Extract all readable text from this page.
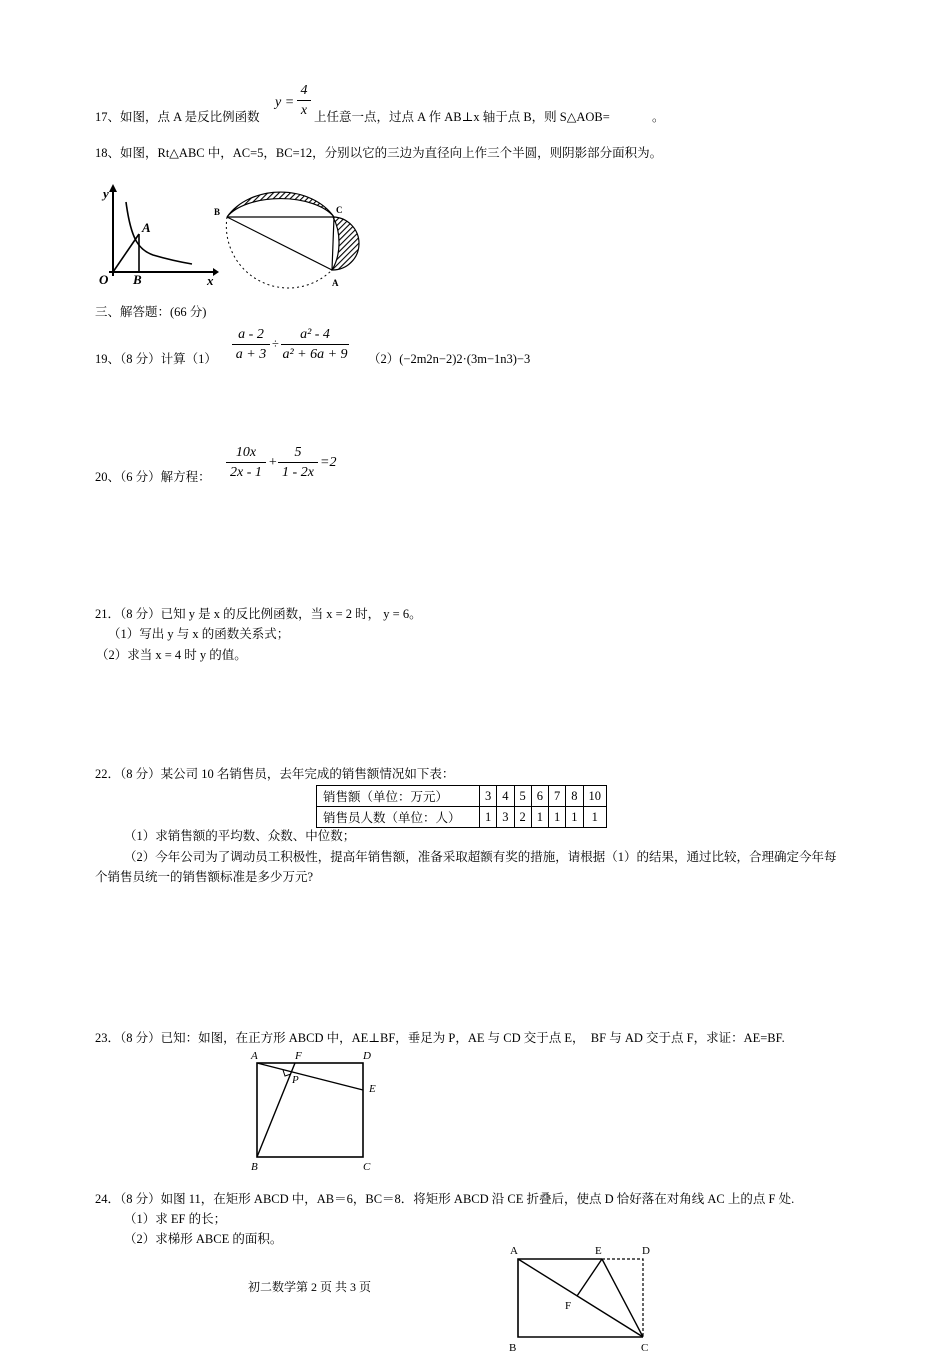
17、如图，点 A 是反比例函数
y =
4
x 上任意一点，过点 A 作 AB⊥x 轴于点 B，则 S△AOB=	。
18、如图，Rt△ABC 中，AC=5，BC=12，分别以它的三边为直径向上作三个半圆，则阴影部分面积为。
y
x
O
A
B
B	C
A
三、解答题：(66 分)
19、（8 分）计算（1）
a - 2
a + 3
÷
a² - 4
a² + 6a + 9 （2）(−2m2n−2)2·(3m−1n3)−3
20、（6 分）解方程：
10x
2x - 1
+
5
1 - 2x
=2
21．（8 分）已知 y 是 x 的反比例函数，当 x = 2 时， y = 6。
（1）写出 y 与 x 的函数关系式；
（2）求当 x = 4 时 y 的值。
22．（8 分）某公司 10 名销售员，去年完成的销售额情况如下表：
销售额（单位：万元）	3	4	5	6	7	8	10
销售员人数（单位：人）	1	3	2	1	1	1	1
（1）求销售额的平均数、众数、中位数；
（2）今年公司为了调动员工积极性，提高年销售额，准备采取超额有奖的措施，请根据（1）的结果，通过比较，合理确定今年每
个销售员统一的销售额标准是多少万元?
23．（8 分）已知：如图，在正方形 ABCD 中，AE⊥BF，垂足为 P，AE 与 CD 交于点 E，　BF 与 AD 交于点 F，求证：AE=BF.
A	F	D
P
E
B	C
24．（8 分）如图 11，在矩形 ABCD 中，AB＝6，BC＝8．将矩形 ABCD 沿 CE 折叠后，使点 D 恰好落在对角线 AC 上的点 F 处.
（1）求 EF 的长；
（2）求梯形 ABCE 的面积。
A	E	D
F
B	C
初二数学第 2 页 共 3 页
